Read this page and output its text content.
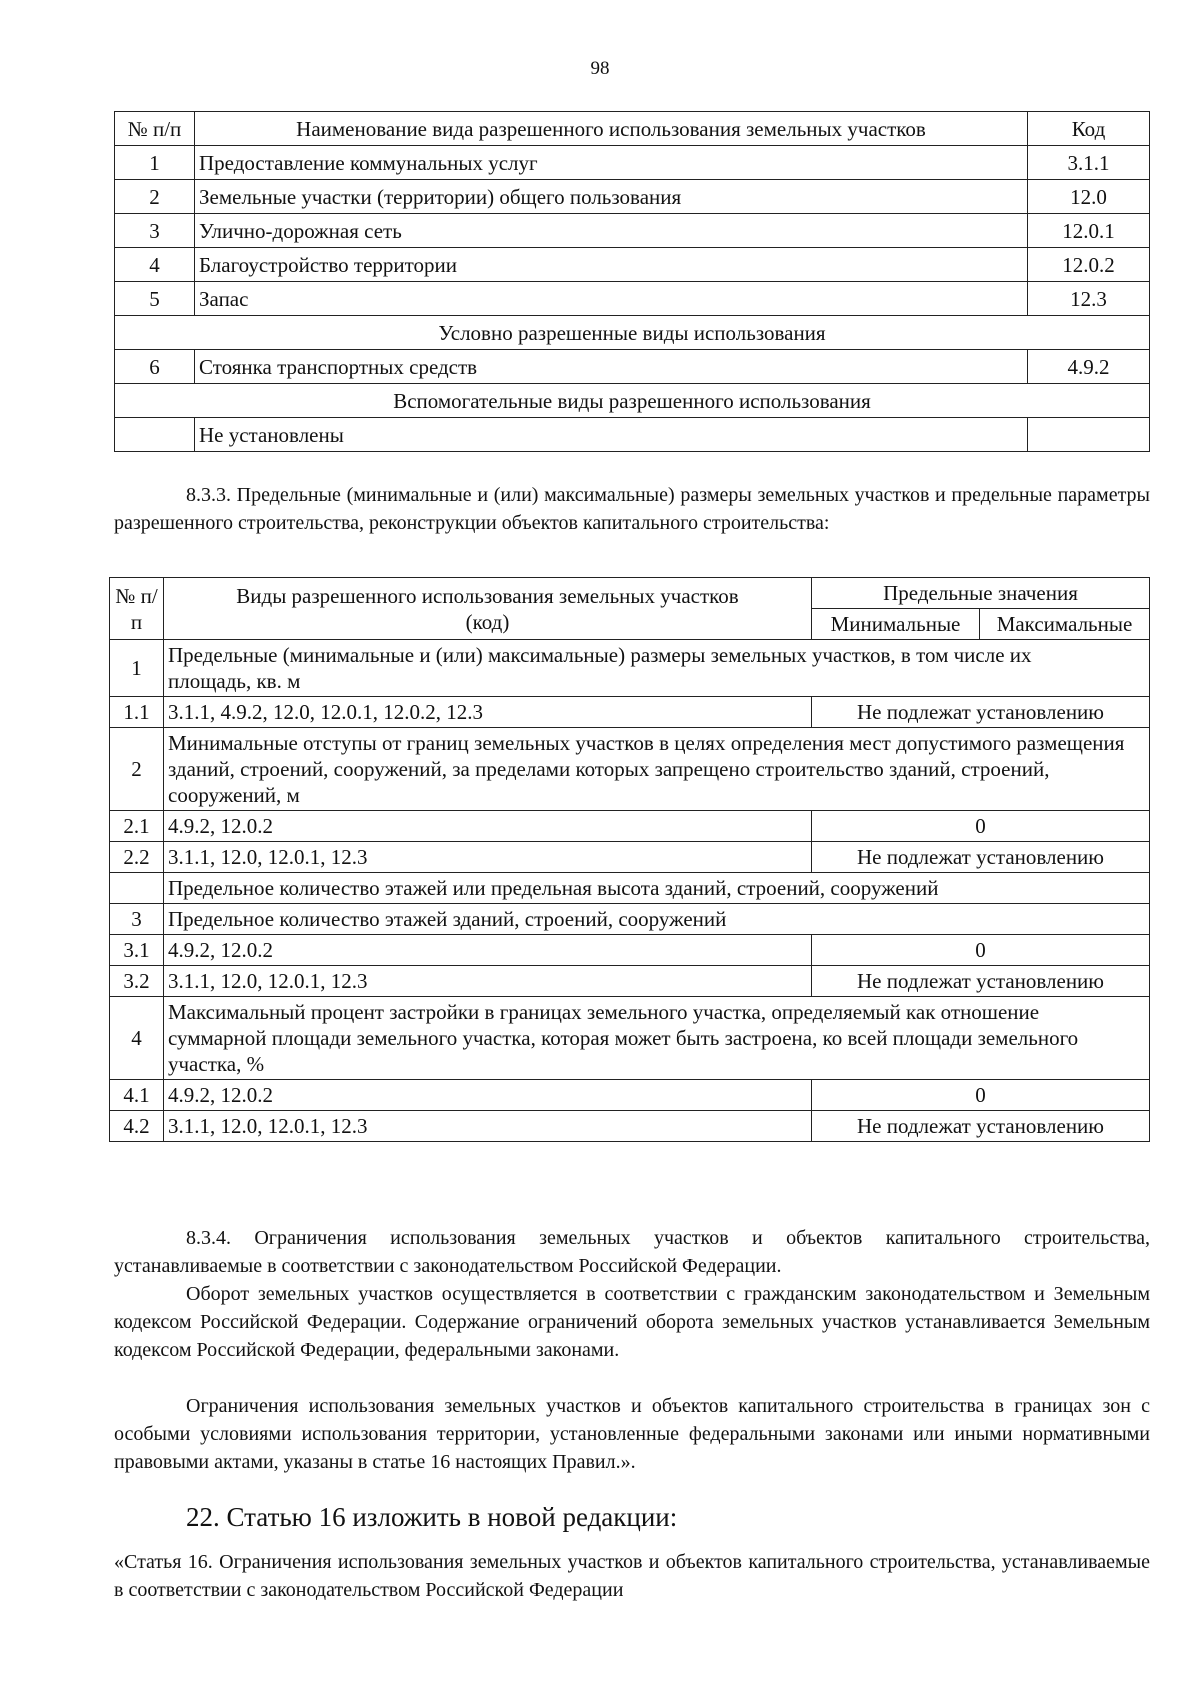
98
№ п/п	Наименование вида разрешенного использования земельных участков	Код
1	Предоставление коммунальных услуг	3.1.1
2	Земельные участки (территории) общего пользования	12.0
3	Улично-дорожная сеть	12.0.1
4	Благоустройство территории	12.0.2
5	Запас	12.3
Условно разрешенные виды использования		
6	Стоянка транспортных средств	4.9.2
Вспомогательные виды разрешенного использования		
	Не установлены	
8.3.3. Предельные (минимальные и (или) максимальные) размеры земельных участков и предельные параметры разрешенного строительства, реконструкции объектов капитального строительства:
№ п/п	Виды разрешенного использования земельных участков (код)	Предельные значения	
		Минимальные	Максимальные
1	Предельные (минимальные и (или) максимальные) размеры земельных участков, в том числе их площадь, кв. м		
1.1	3.1.1, 4.9.2, 12.0, 12.0.1, 12.0.2, 12.3	Не подлежат установлению	
2	Минимальные отступы от границ земельных участков в целях определения мест допустимого размещения зданий, строений, сооружений, за пределами которых запрещено строительство зданий, строений, сооружений, м		
2.1	4.9.2, 12.0.2	0	
2.2	3.1.1, 12.0, 12.0.1, 12.3	Не подлежат установлению	
	Предельное количество этажей или предельная высота зданий, строений, сооружений		
3	Предельное количество этажей зданий, строений, сооружений		
3.1	4.9.2, 12.0.2	0	
3.2	3.1.1, 12.0, 12.0.1, 12.3	Не подлежат установлению	
4	Максимальный процент застройки в границах земельного участка, определяемый как отношение суммарной площади земельного участка, которая может быть застроена, ко всей площади земельного участка, %		
4.1	4.9.2, 12.0.2	0	
4.2	3.1.1, 12.0, 12.0.1, 12.3	Не подлежат установлению	
8.3.4. Ограничения использования земельных участков и объектов капитального строительства, устанавливаемые в соответствии с законодательством Российской Федерации.
Оборот земельных участков осуществляется в соответствии с гражданским законодательством и Земельным кодексом Российской Федерации. Содержание ограничений оборота земельных участков устанавливается Земельным кодексом Российской Федерации, федеральными законами.
Ограничения использования земельных участков и объектов капитального строительства в границах зон с особыми условиями использования территории, установленные федеральными законами или иными нормативными правовыми актами, указаны в статье 16 настоящих Правил.».
22. Статью 16 изложить в новой редакции:
«Статья 16. Ограничения использования земельных участков и объектов капитального строительства, устанавливаемые в соответствии с законодательством Российской Федерации
